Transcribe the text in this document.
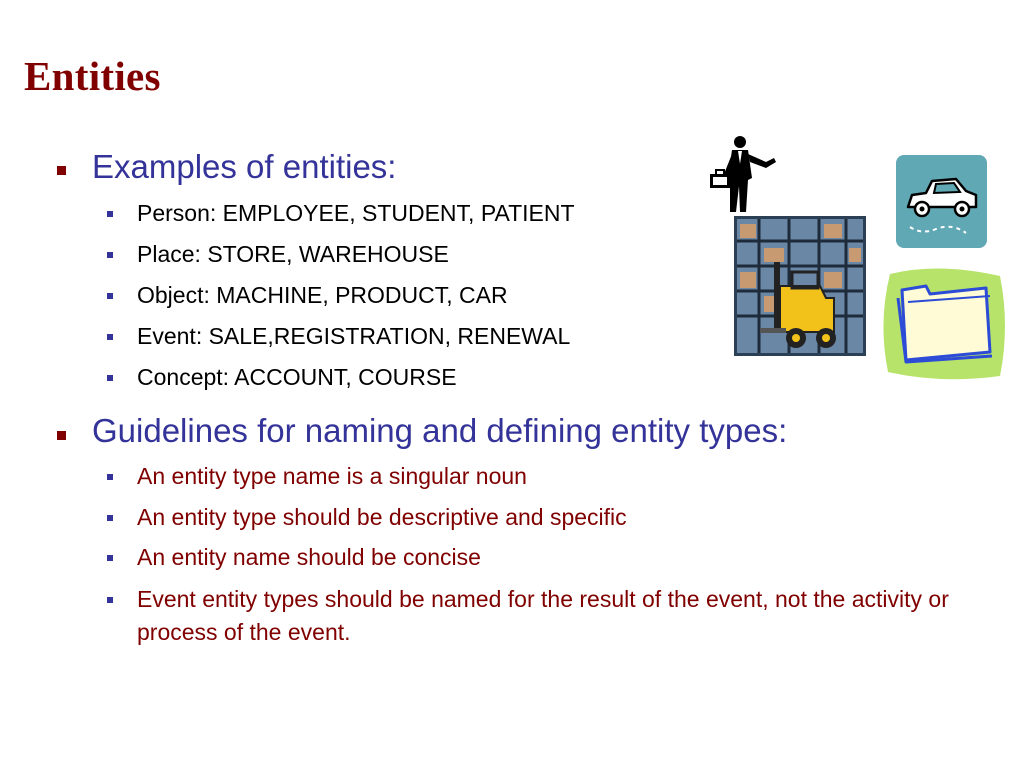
Entities

Examples of entities:

Person: EMPLOYEE, STUDENT, PATIENT

Place: STORE, WAREHOUSE

Object: MACHINE, PRODUCT, CAR

Event: SALE,REGISTRATION, RENEWAL

Concept: ACCOUNT, COURSE

Guidelines for naming and defining entity types:

An entity type name is a singular noun

An entity type should be descriptive and specific

An entity name should be concise

Event entity types should be named for the result of the event, not the activity or process of the event.
